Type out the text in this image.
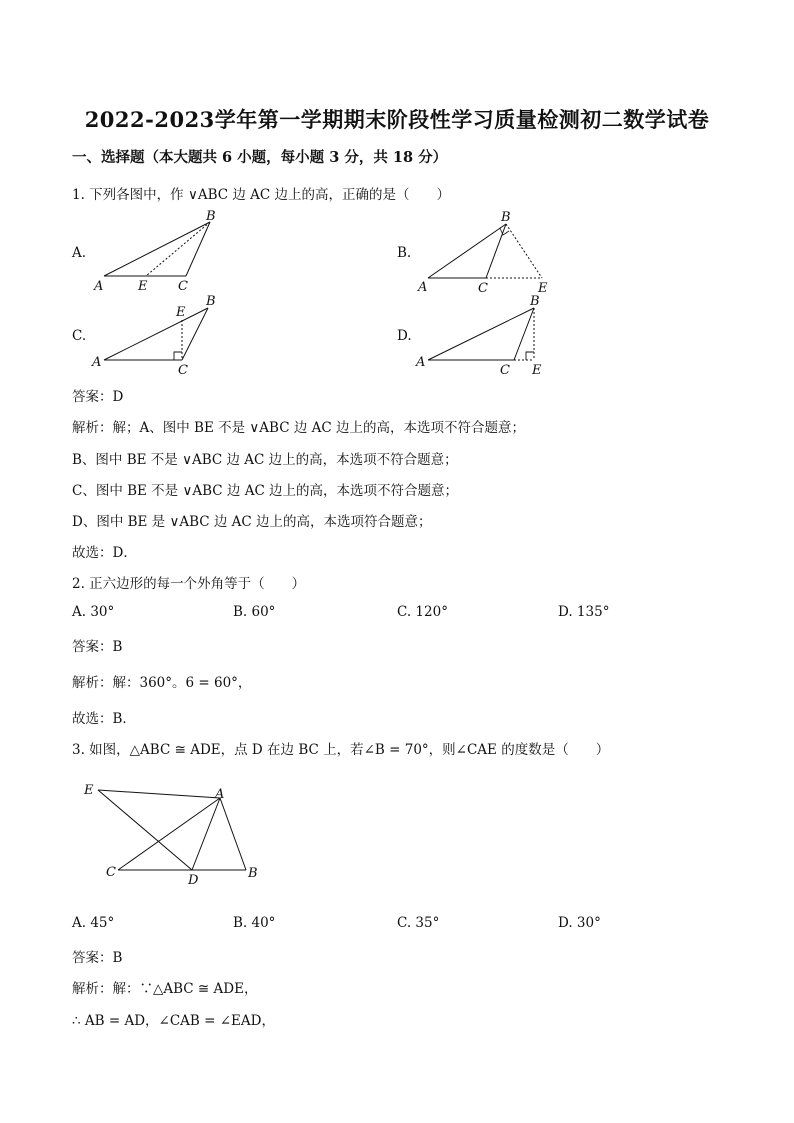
2022-2023学年第一学期期末阶段性学习质量检测初二数学试卷
一、选择题（本大题共 6 小题，每小题 3 分，共 18 分）
1. 下列各图中，作 ∨ABC 边 AC 边上的高，正确的是（　　）
A.
B
A	E C
B.
B
A	C	E
C.
B
E
A
C
D.
B
A
C E
答案：D
解析：解；A、图中 BE 不是 ∨ABC 边 AC 边上的高，本选项不符合题意；
B、图中 BE 不是 ∨ABC 边 AC 边上的高，本选项不符合题意；
C、图中 BE 不是 ∨ABC 边 AC 边上的高，本选项不符合题意；
D、图中 BE 是 ∨ABC 边 AC 边上的高，本选项符合题意；
故选：D．
2. 正六边形的每一个外角等于（　　）
A. 30°	B. 60°	C. 120°	D. 135°
答案：B
解析：解：360°。6 = 60°，
故选：B．
3. 如图，△ABC ≅ ADE，点 D 在边 BC 上，若∠B = 70°，则∠CAE 的度数是（　　）
E	A
C
D	B
A. 45°	B. 40°	C. 35°	D. 30°
答案：B
解析：解：∵△ABC ≅ ADE，
∴ AB = AD，∠CAB = ∠EAD，
